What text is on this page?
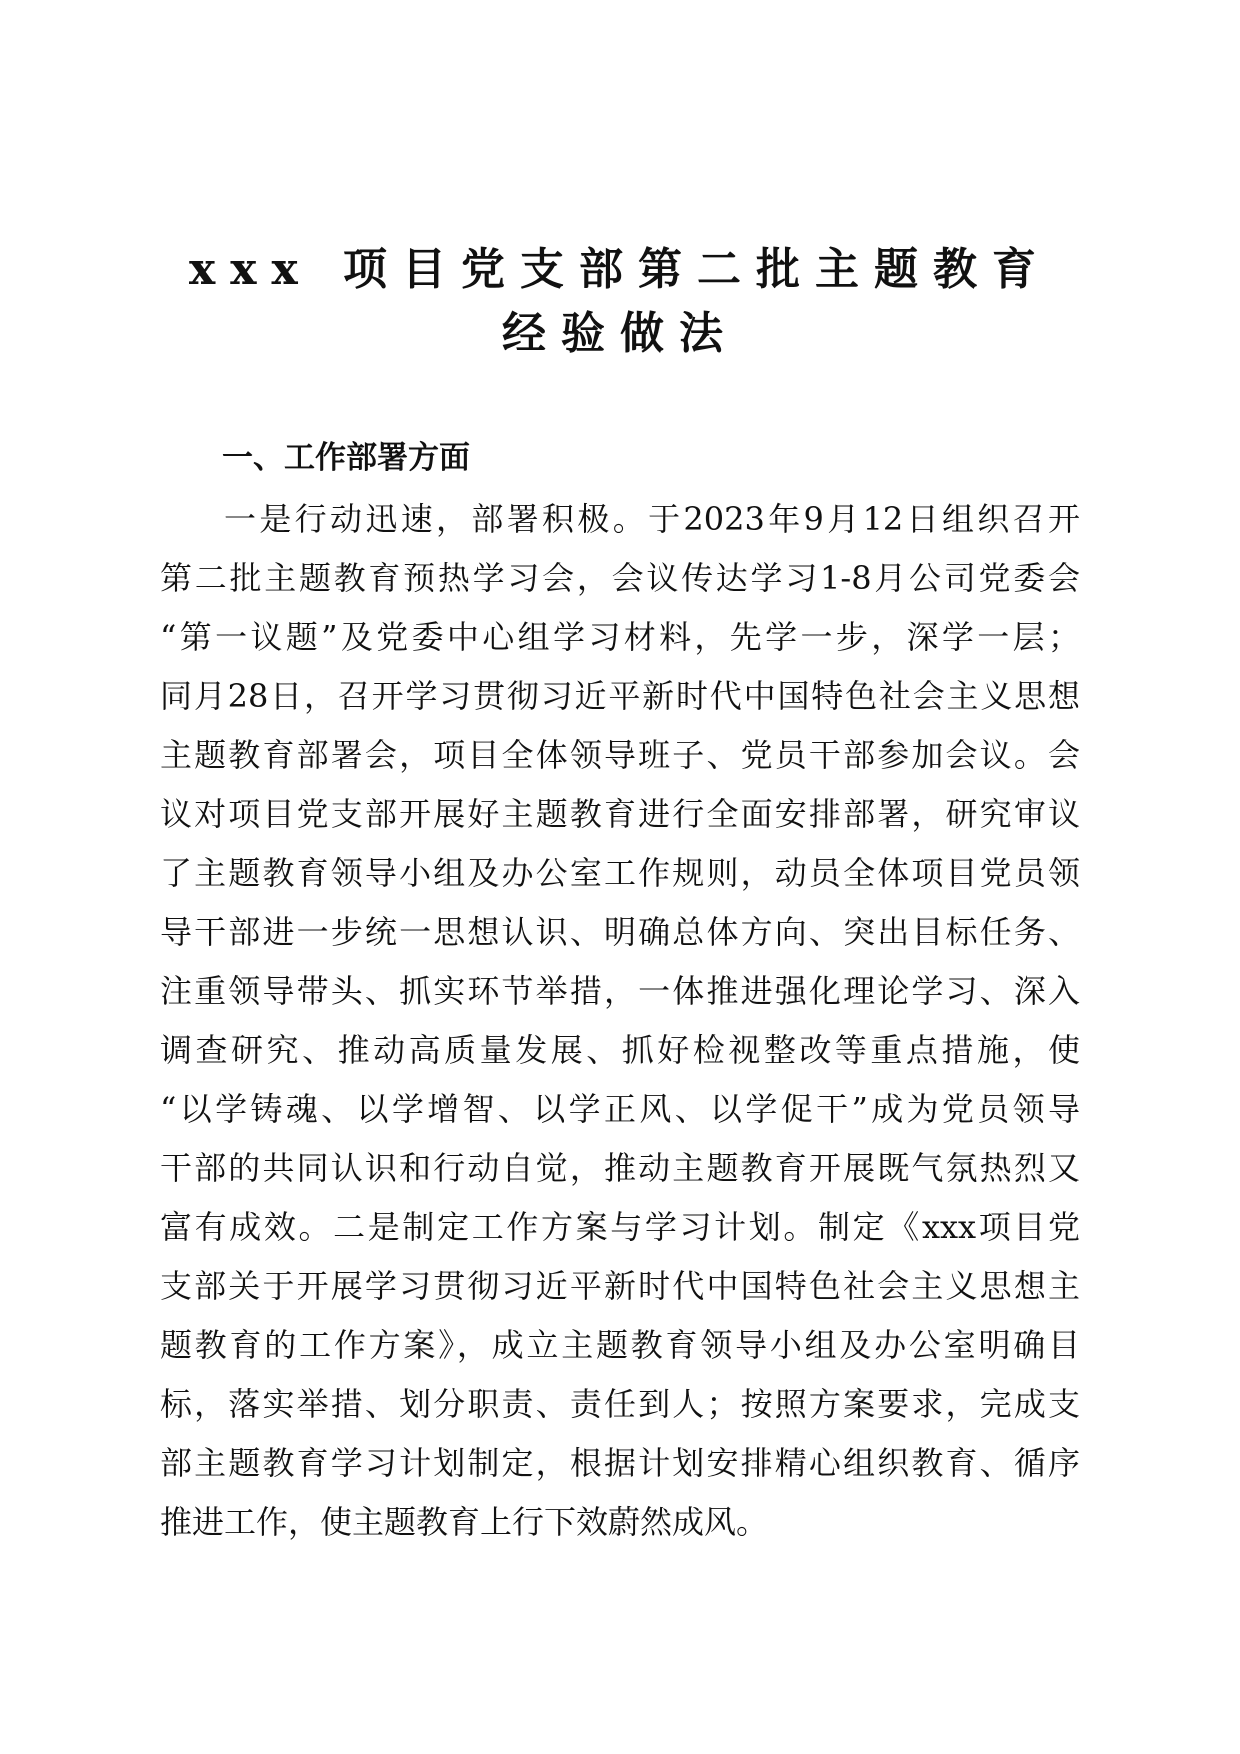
xxx 项目党支部第二批主题教育
经验做法
一、工作部署方面
一是行动迅速，部署积极。于2023年9月12日组织召开
第二批主题教育预热学习会，会议传达学习1-8月公司党委会
“第一议题”及党委中心组学习材料，先学一步，深学一层；
同月28日，召开学习贯彻习近平新时代中国特色社会主义思想
主题教育部署会，项目全体领导班子、党员干部参加会议。会
议对项目党支部开展好主题教育进行全面安排部署，研究审议
了主题教育领导小组及办公室工作规则，动员全体项目党员领
导干部进一步统一思想认识、明确总体方向、突出目标任务、
注重领导带头、抓实环节举措，一体推进强化理论学习、深入
调查研究、推动高质量发展、抓好检视整改等重点措施，使
“以学铸魂、以学增智、以学正风、以学促干”成为党员领导
干部的共同认识和行动自觉，推动主题教育开展既气氛热烈又
富有成效。二是制定工作方案与学习计划。制定《xxx项目党
支部关于开展学习贯彻习近平新时代中国特色社会主义思想主
题教育的工作方案》，成立主题教育领导小组及办公室明确目
标，落实举措、划分职责、责任到人；按照方案要求，完成支
部主题教育学习计划制定，根据计划安排精心组织教育、循序
推进工作，使主题教育上行下效蔚然成风。
